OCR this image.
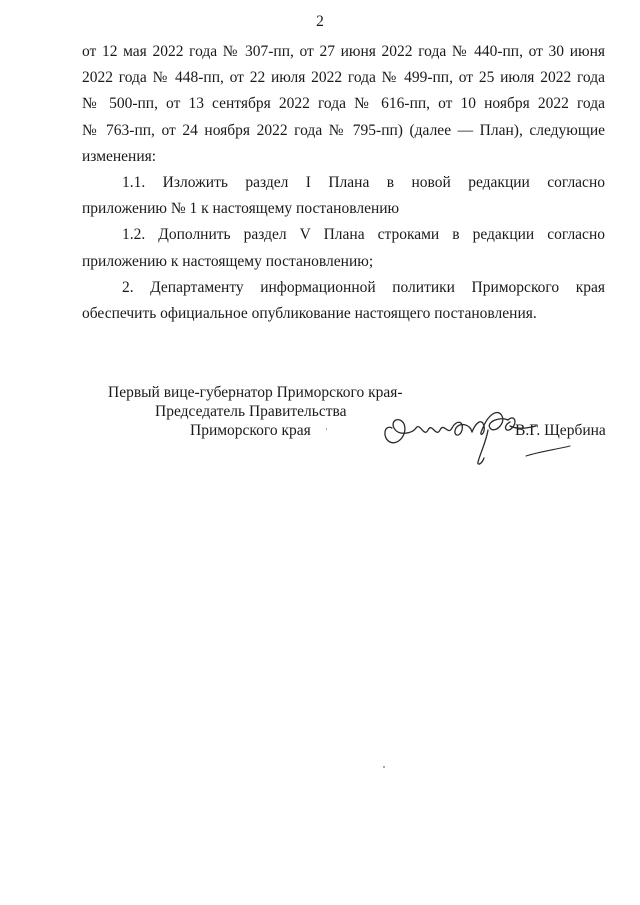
2
от 12 мая 2022 года № 307-пп, от 27 июня 2022 года № 440-пп, от 30 июня
2022 года № 448-пп, от 22 июля 2022 года № 499-пп, от 25 июля 2022 года
№ 500-пп, от 13 сентября 2022 года № 616-пп, от 10 ноября 2022 года
№ 763-пп, от 24 ноября 2022 года № 795-пп) (далее — План), следующие
изменения:
1.1. Изложить раздел I Плана в новой редакции согласно
приложению № 1 к настоящему постановлению
1.2. Дополнить раздел V Плана строками в редакции согласно
приложению к настоящему постановлению;
2. Департаменту информационной политики Приморского края
обеспечить официальное опубликование настоящего постановления.
Первый вице-губернатор Приморского края-
Председатель Правительства
Приморского края	В.Г. Щербина
